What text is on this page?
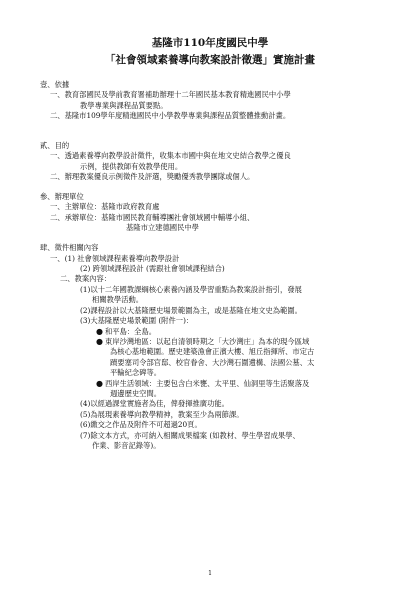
基隆市110年度國民中學
「社會領域素養導向教案設計徵選」實施計畫
壹、依據
一、教育部國民及學前教育署補助辦理十二年國民基本教育精進國民中小學
教學專業與課程品質要點。
二、基隆市109學年度精進國民中小學教學專業與課程品質整體推動計畫。
貳、目的
一、透過素養導向教學設計徵件，收集本市國中與在地文史結合教學之優良
示例，提供教師有效教學使用。
二、辦理教案優良示例徵件及評選，獎勵優秀教學團隊或個人。
參、辦理單位
一、主辦單位：基隆市政府教育處
二、承辦單位：基隆市國民教育輔導團社會領域國中輔導小組、
基隆市立建德國民中學
肆、徵件相關內容
一、(1) 社會領域課程素養導向教學設計
(2) 跨領域課程設計 (需跟社會領域課程結合)
二、教案內容：
(1)以十二年國教課綱核心素養內涵及學習重點為教案設計指引，發展
相關教學活動。
(2)課程設計以大基隆歷史場景範圍為主，或是基隆在地文史為範圍。
(3)大基隆歷史場景範圍 (附件一)：
● 和平島：全島。
● 東岸沙灣地區：以起自清領時期之「大沙灣庄」為本的現今區域
為核心基地範圍。歷史建築漁會正濱大樓、旭丘指揮所、市定古
蹟要塞司令部官邸、校官眷舍、大沙灣石圍遺構、法國公墓、太
平輪紀念碑等。
● 西岸生活領域：主要包含白米甕、太平里、仙洞里等生活聚落及
週邊歷史空間。
(4)以經過課堂實施者為佳，俾發揮推廣功能。
(5)為展現素養導向教學精神，教案至少為兩節課。
(6)繳交之作品及附件不可超過20頁。
(7)除文本方式，亦可納入相關成果檔案 (如教材、學生學習成果學、
作業、影音記錄等)。
1
